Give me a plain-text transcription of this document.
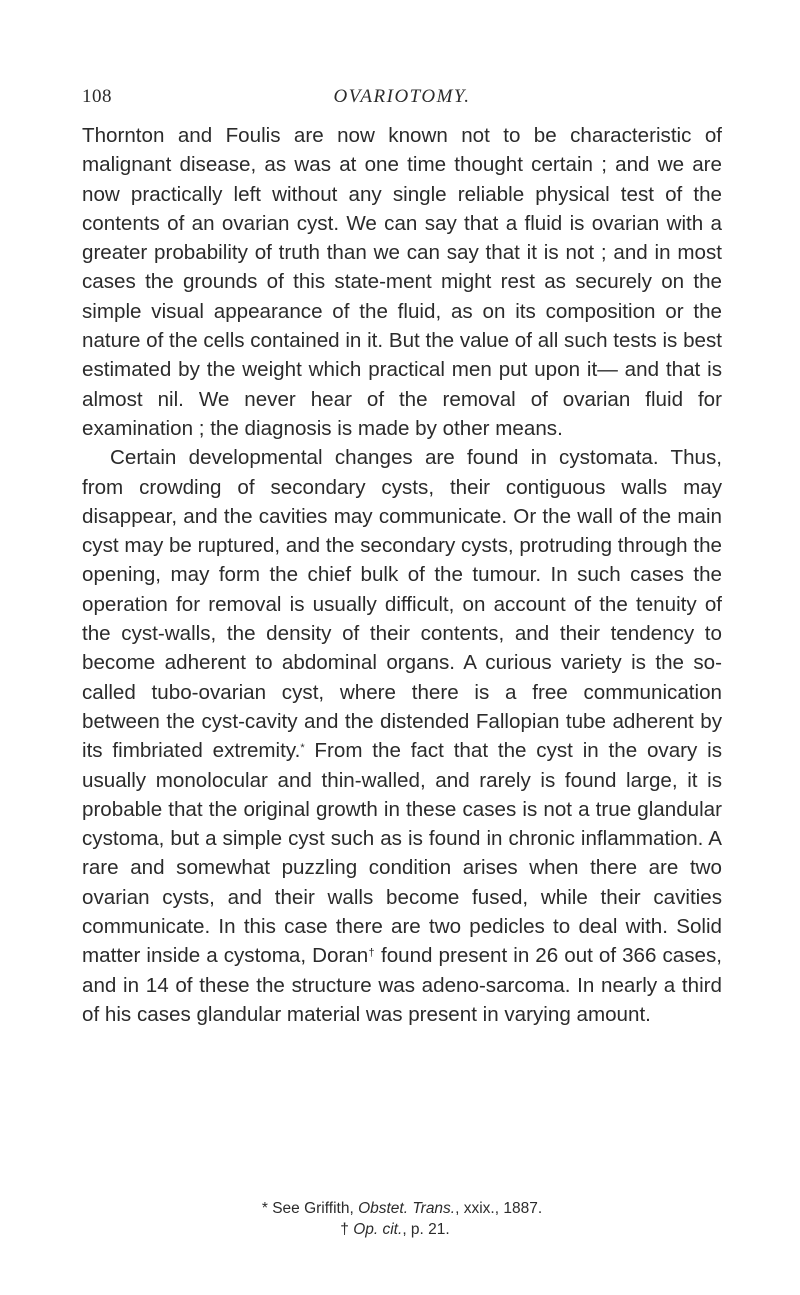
108	OVARIOTOMY.

Thornton and Foulis are now known not to be characteristic of malignant disease, as was at one time thought certain ; and we are now practically left without any single reliable physical test of the contents of an ovarian cyst. We can say that a fluid is ovarian with a greater probability of truth than we can say that it is not ; and in most cases the grounds of this state-ment might rest as securely on the simple visual appearance of the fluid, as on its composition or the nature of the cells contained in it. But the value of all such tests is best estimated by the weight which practical men put upon it— and that is almost nil. We never hear of the removal of ovarian fluid for examination ; the diagnosis is made by other means.

Certain developmental changes are found in cystomata. Thus, from crowding of secondary cysts, their contiguous walls may disappear, and the cavities may communicate. Or the wall of the main cyst may be ruptured, and the secondary cysts, protruding through the opening, may form the chief bulk of the tumour. In such cases the operation for removal is usually difficult, on account of the tenuity of the cyst-walls, the density of their contents, and their tendency to become adherent to abdominal organs. A curious variety is the so-called tubo-ovarian cyst, where there is a free communication between the cyst-cavity and the distended Fallopian tube adherent by its fimbriated extremity.* From the fact that the cyst in the ovary is usually monolocular and thin-walled, and rarely is found large, it is probable that the original growth in these cases is not a true glandular cystoma, but a simple cyst such as is found in chronic inflammation. A rare and somewhat puzzling condition arises when there are two ovarian cysts, and their walls become fused, while their cavities communicate. In this case there are two pedicles to deal with. Solid matter inside a cystoma, Doran† found present in 26 out of 366 cases, and in 14 of these the structure was adeno-sarcoma. In nearly a third of his cases glandular material was present in varying amount.

* See Griffith, Obstet. Trans., xxix., 1887.
† Op. cit., p. 21.
